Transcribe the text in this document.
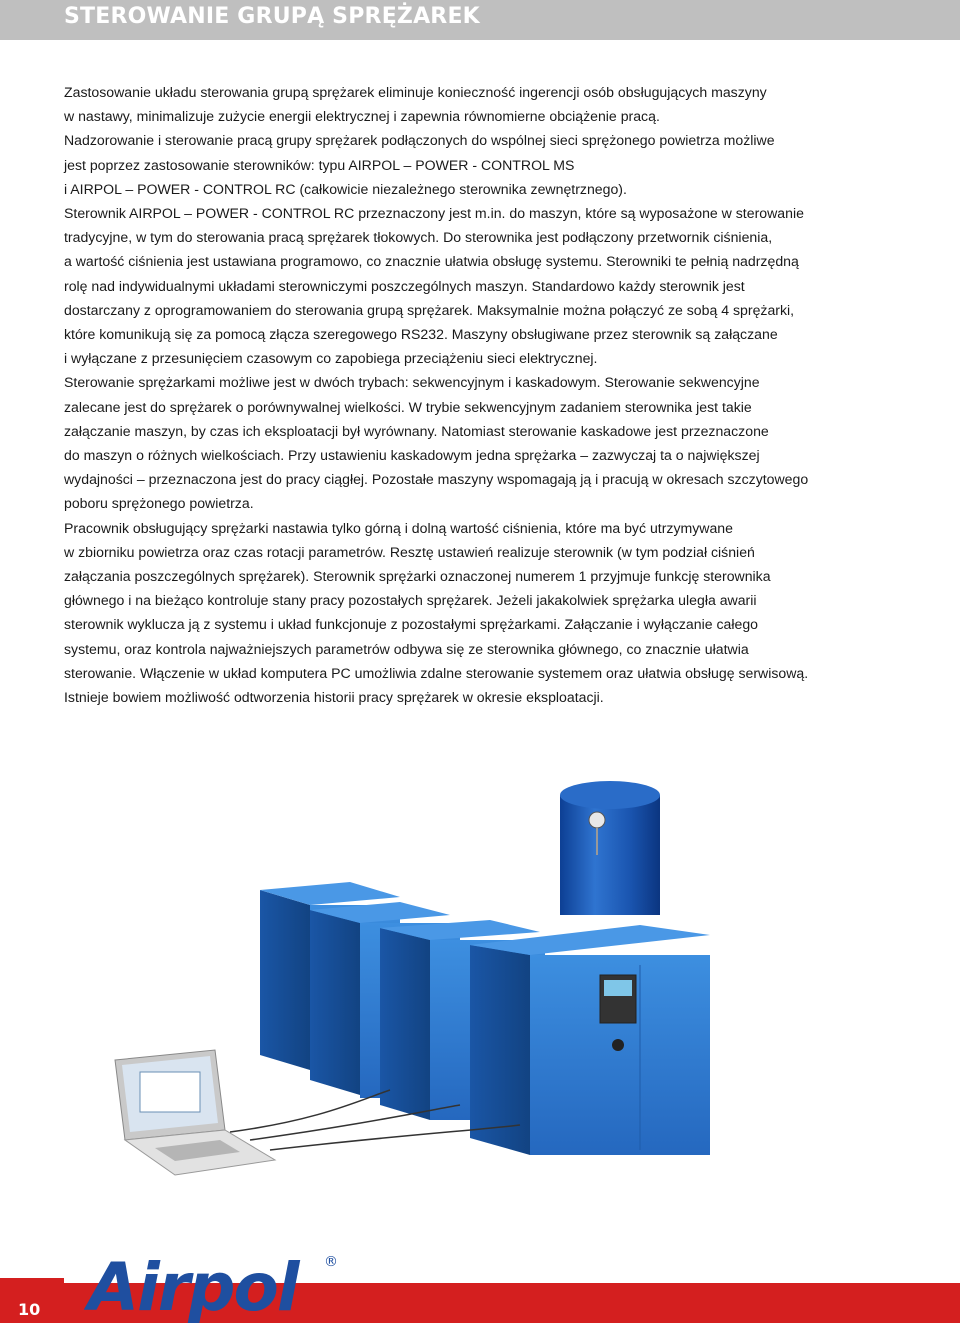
STEROWANIE GRUPĄ SPRĘŻAREK

Zastosowanie układu sterowania grupą sprężarek eliminuje konieczność ingerencji osób obsługujących maszyny
w nastawy, minimalizuje zużycie energii elektrycznej i zapewnia równomierne obciążenie pracą.

Nadzorowanie i sterowanie pracą grupy sprężarek podłączonych do wspólnej sieci sprężonego powietrza możliwe
jest poprzez zastosowanie sterowników: typu AIRPOL – POWER - CONTROL MS
i AIRPOL – POWER - CONTROL RC (całkowicie niezależnego sterownika zewnętrznego).

Sterownik AIRPOL – POWER - CONTROL RC przeznaczony jest m.in. do maszyn, które są wyposażone w sterowanie
tradycyjne, w tym do sterowania pracą sprężarek tłokowych. Do sterownika jest podłączony przetwornik ciśnienia,
a wartość ciśnienia jest ustawiana programowo, co znacznie ułatwia obsługę systemu. Sterowniki te pełnią nadrzędną
rolę nad indywidualnymi układami sterowniczymi poszczególnych maszyn. Standardowo każdy sterownik jest
dostarczany z oprogramowaniem do sterowania grupą sprężarek. Maksymalnie można połączyć ze sobą 4 sprężarki,
które komunikują się za pomocą złącza szeregowego RS232. Maszyny obsługiwane przez sterownik są załączane
i wyłączane z przesunięciem czasowym co zapobiega przeciążeniu sieci elektrycznej.

Sterowanie sprężarkami możliwe jest w dwóch trybach: sekwencyjnym i kaskadowym. Sterowanie sekwencyjne
zalecane jest do sprężarek o porównywalnej wielkości. W trybie sekwencyjnym zadaniem sterownika jest takie
załączanie maszyn, by czas ich eksploatacji był wyrównany. Natomiast sterowanie kaskadowe jest przeznaczone
do maszyn o różnych wielkościach. Przy ustawieniu kaskadowym jedna sprężarka – zazwyczaj ta o największej
wydajności – przeznaczona jest do pracy ciągłej. Pozostałe maszyny wspomagają ją i pracują w okresach szczytowego
poboru sprężonego powietrza.

Pracownik obsługujący sprężarki nastawia tylko górną i dolną wartość ciśnienia, które ma być utrzymywane
w zbiorniku powietrza oraz czas rotacji parametrów. Resztę ustawień realizuje sterownik (w tym podział ciśnień
załączania poszczególnych sprężarek). Sterownik sprężarki oznaczonej numerem 1 przyjmuje funkcję sterownika
głównego i na bieżąco kontroluje stany pracy pozostałych sprężarek. Jeżeli jakakolwiek sprężarka uległa awarii
sterownik wyklucza ją z systemu i układ funkcjonuje z pozostałymi sprężarkami. Załączanie i wyłączanie całego
systemu, oraz kontrola najważniejszych parametrów odbywa się ze sterownika głównego, co znacznie ułatwia
sterowanie. Włączenie w układ komputera PC umożliwia zdalne sterowanie systemem oraz ułatwia obsługę serwisową.
Istnieje bowiem możliwość odtworzenia historii pracy sprężarek w okresie eksploatacji.

10 Airpol ®
